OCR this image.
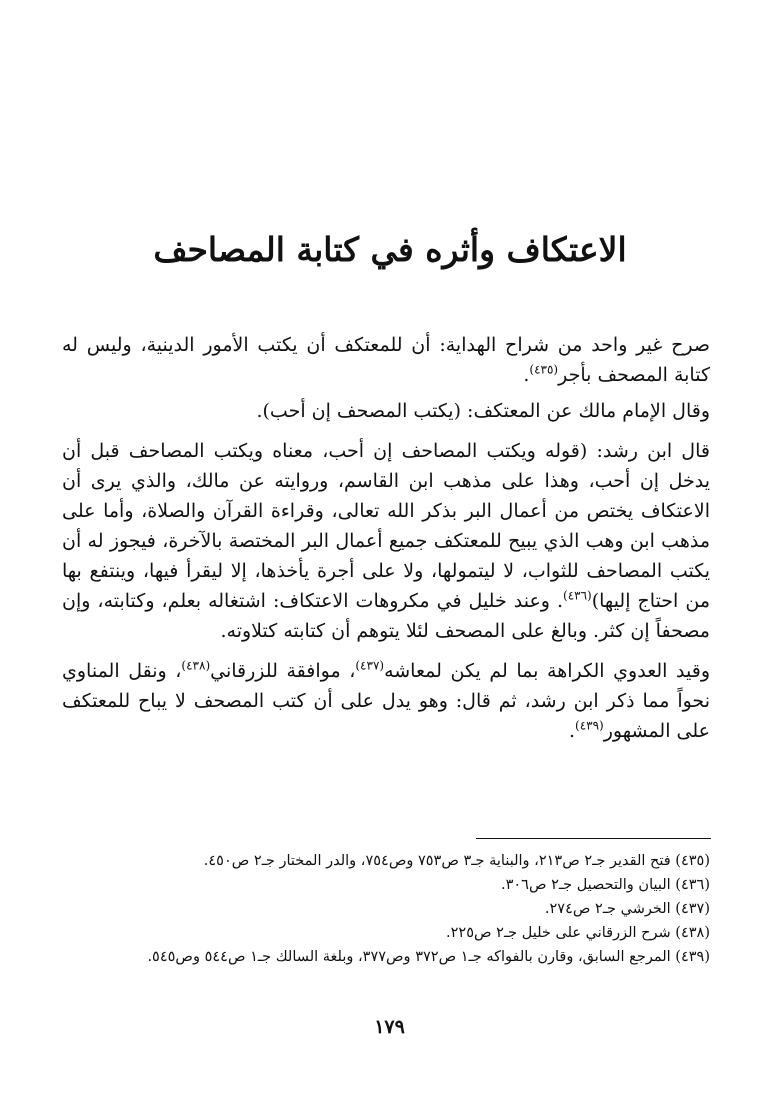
الاعتكاف وأثره في كتابة المصاحف

صرح غير واحد من شراح الهداية: أن للمعتكف أن يكتب الأمور الدينية، وليس له كتابة المصحف بأجر$^{(٤٣٥)}$.

وقال الإمام مالك عن المعتكف: (يكتب المصحف إن أحب).

قال ابن رشد: (قوله ويكتب المصاحف إن أحب، معناه ويكتب المصاحف قبل أن يدخل إن أحب، وهذا على مذهب ابن القاسم، وروايته عن مالك، والذي يرى أن الاعتكاف يختص من أعمال البر بذكر الله تعالى، وقراءة القرآن والصلاة، وأما على مذهب ابن وهب الذي يبيح للمعتكف جميع أعمال البر المختصة بالآخرة، فيجوز له أن يكتب المصاحف للثواب، لا ليتمولها، ولا على أجرة يأخذها، إلا ليقرأ فيها، وينتفع بها من احتاج إليها)$^{(٤٣٦)}$. وعند خليل في مكروهات الاعتكاف: اشتغاله بعلم، وكتابته، وإن مصحفاً إن كثر. وبالغ على المصحف لئلا يتوهم أن كتابته كتلاوته.

وقيد العدوي الكراهة بما لم يكن لمعاشه$^{(٤٣٧)}$، موافقة للزرقاني$^{(٤٣٨)}$، ونقل المناوي نحواً مما ذكر ابن رشد، ثم قال: وهو يدل على أن كتب المصحف لا يباح للمعتكف على المشهور$^{(٤٣٩)}$.

(٤٣٥) فتح القدير جـ٢ ص٢١٣، والبناية جـ٣ ص٧٥٣ وص٧٥٤، والدر المختار جـ٢ ص٤٥٠.
(٤٣٦) البيان والتحصيل جـ٢ ص٣٠٦.
(٤٣٧) الخرشي جـ٢ ص٢٧٤.
(٤٣٨) شرح الزرقاني على خليل جـ٢ ص٢٢٥.
(٤٣٩) المرجع السابق، وقارن بالفواكه جـ١ ص٣٧٢ وص٣٧٧، وبلغة السالك جـ١ ص٥٤٤ وص٥٤٥.
١٧٩
